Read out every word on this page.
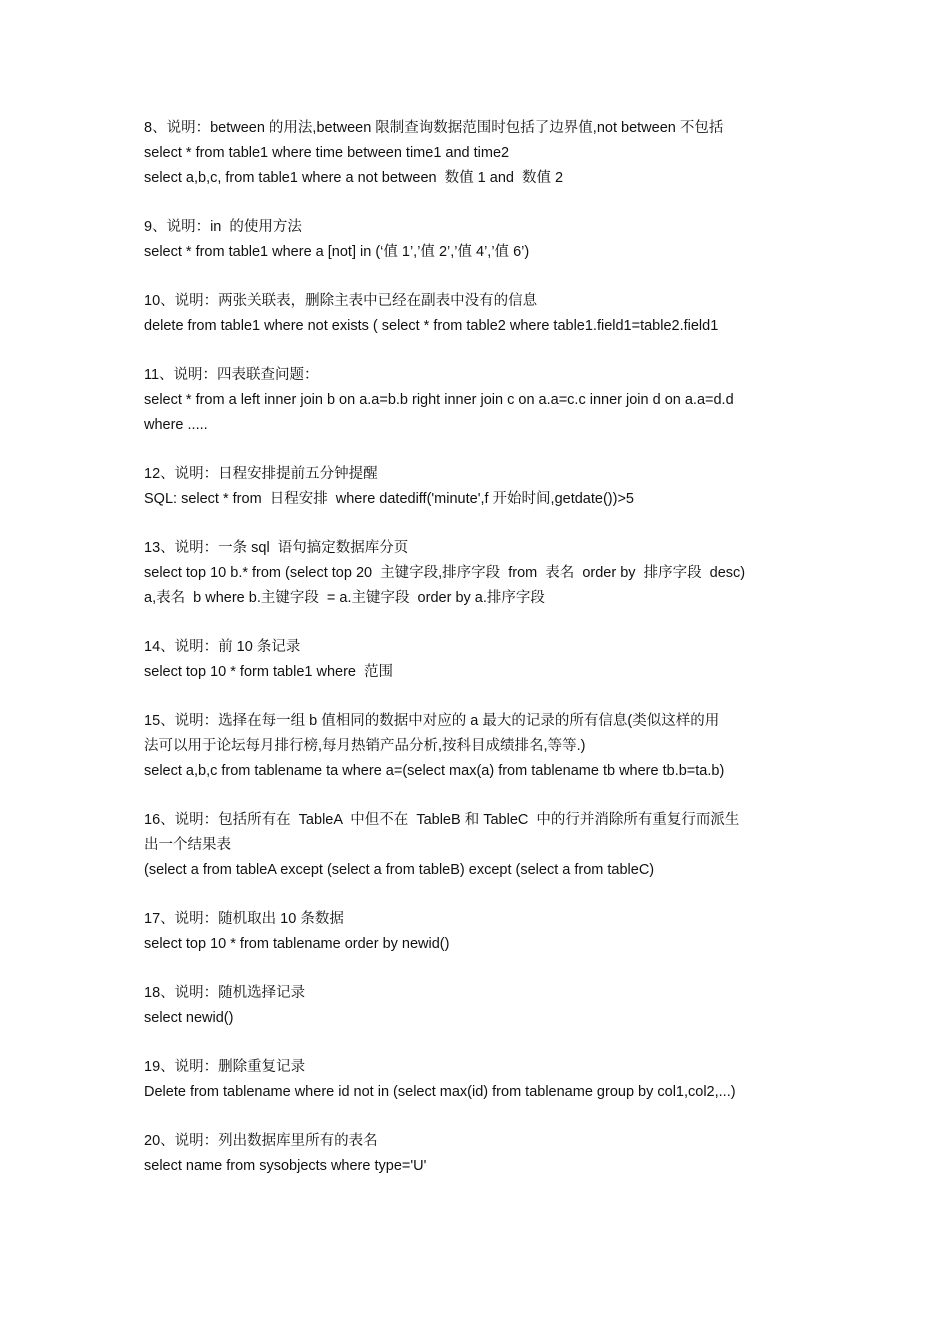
8、说明：between 的用法,between 限制查询数据范围时包括了边界值,not between 不包括

select * from table1 where time between time1 and time2

select a,b,c, from table1 where a not between  数值 1 and  数值 2

9、说明：in  的使用方法

select * from table1 where a [not] in (‘值 1’,’值 2’,’值 4’,’值 6’)

10、说明：两张关联表，删除主表中已经在副表中没有的信息

delete from table1 where not exists ( select * from table2 where table1.field1=table2.field1

11、说明：四表联查问题：

select * from a left inner join b on a.a=b.b right inner join c on a.a=c.c inner join d on a.a=d.d

where .....

12、说明：日程安排提前五分钟提醒

SQL: select * from  日程安排  where datediff('minute',f 开始时间,getdate())>5

13、说明：一条 sql  语句搞定数据库分页

select top 10 b.* from (select top 20  主键字段,排序字段  from  表名  order by  排序字段  desc)

a,表名  b where b.主键字段  = a.主键字段  order by a.排序字段

14、说明：前 10 条记录

select top 10 * form table1 where  范围

15、说明：选择在每一组 b 值相同的数据中对应的 a 最大的记录的所有信息(类似这样的用

法可以用于论坛每月排行榜,每月热销产品分析,按科目成绩排名,等等.)

select a,b,c from tablename ta where a=(select max(a) from tablename tb where tb.b=ta.b)

16、说明：包括所有在  TableA  中但不在  TableB 和 TableC  中的行并消除所有重复行而派生

出一个结果表

(select a from tableA except (select a from tableB) except (select a from tableC)

17、说明：随机取出 10 条数据

select top 10 * from tablename order by newid()

18、说明：随机选择记录

select newid()

19、说明：删除重复记录

Delete from tablename where id not in (select max(id) from tablename group by col1,col2,...)

20、说明：列出数据库里所有的表名

select name from sysobjects where type='U'
